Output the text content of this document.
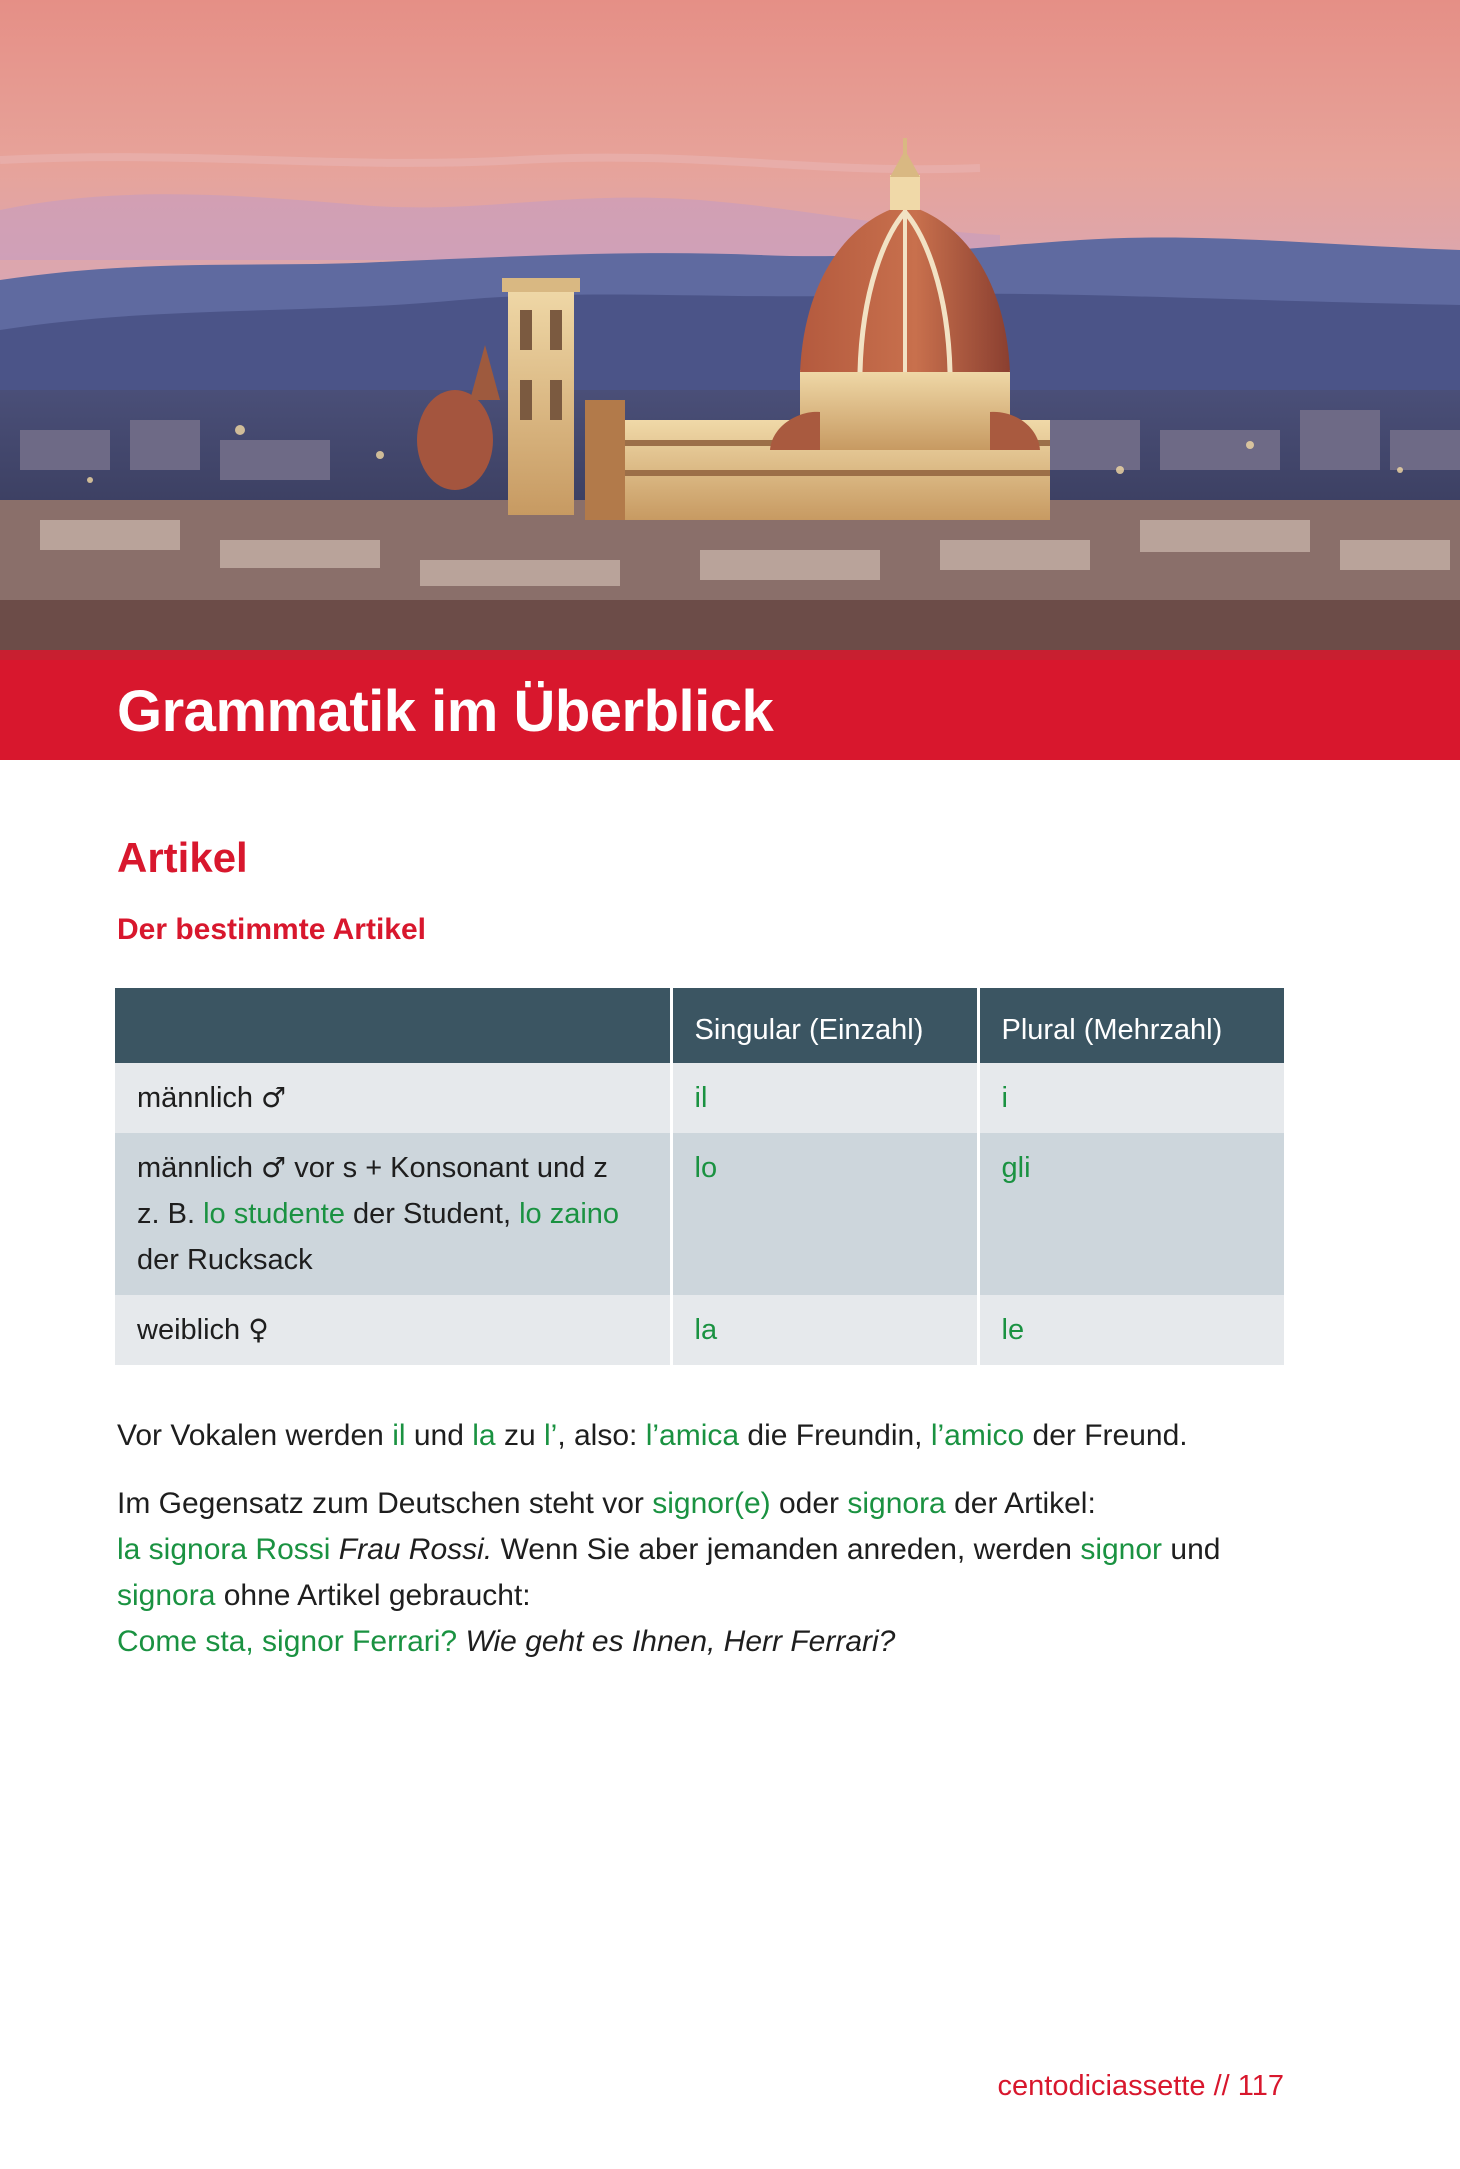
Grammatik im Überblick
Artikel
Der bestimmte Artikel
	Singular (Einzahl)	Plural (Mehrzahl)
männlich ♂	il	i
männlich ♂ vor s + Konsonant und z
z. B. lo studente der Student, lo zaino
der Rucksack	lo	gli
weiblich ♀	la	le

Vor Vokalen werden il und la zu l’, also: l’amica die Freundin, l’amico der Freund.

Im Gegensatz zum Deutschen steht vor signor(e) oder signora der Artikel:
la signora Rossi Frau Rossi. Wenn Sie aber jemanden anreden, werden signor und
signora ohne Artikel gebraucht:
Come sta, signor Ferrari? Wie geht es Ihnen, Herr Ferrari?

centodiciassette // 117
